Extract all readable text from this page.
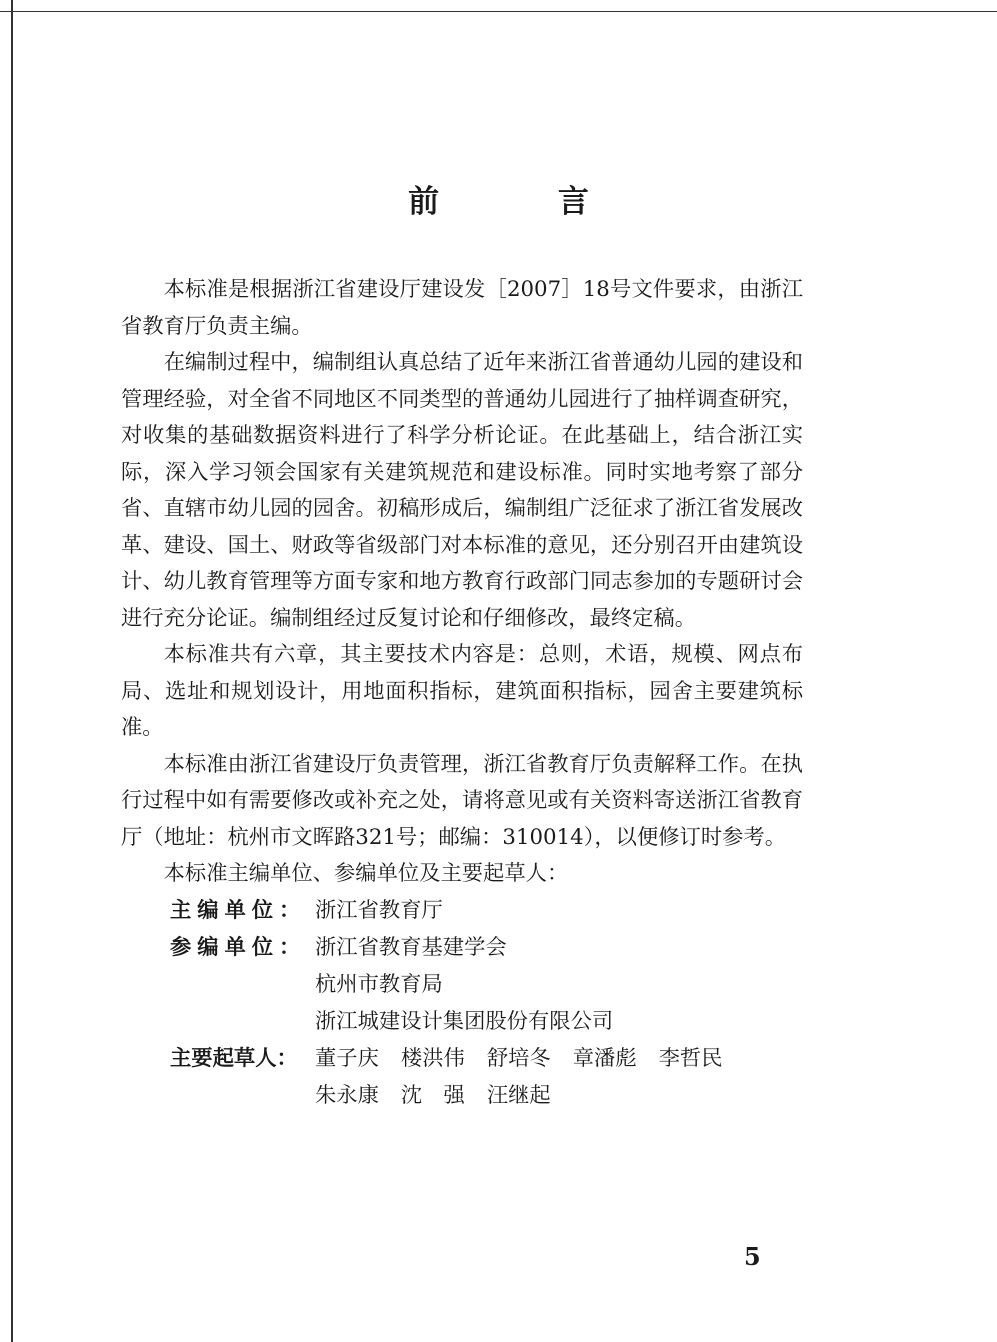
前 言

本标准是根据浙江省建设厅建设发［2007］18号文件要求，由浙江省教育厅负责主编。

在编制过程中，编制组认真总结了近年来浙江省普通幼儿园的建设和管理经验，对全省不同地区不同类型的普通幼儿园进行了抽样调查研究，对收集的基础数据资料进行了科学分析论证。在此基础上，结合浙江实际，深入学习领会国家有关建筑规范和建设标准。同时实地考察了部分省、直辖市幼儿园的园舍。初稿形成后，编制组广泛征求了浙江省发展改革、建设、国土、财政等省级部门对本标准的意见，还分别召开由建筑设计、幼儿教育管理等方面专家和地方教育行政部门同志参加的专题研讨会进行充分论证。编制组经过反复讨论和仔细修改，最终定稿。

本标准共有六章，其主要技术内容是：总则，术语，规模、网点布局、选址和规划设计，用地面积指标，建筑面积指标，园舍主要建筑标准。

本标准由浙江省建设厅负责管理，浙江省教育厅负责解释工作。在执行过程中如有需要修改或补充之处，请将意见或有关资料寄送浙江省教育厅（地址：杭州市文晖路321号；邮编：310014），以便修订时参考。

本标准主编单位、参编单位及主要起草人：

主编单位： 浙江省教育厅
参编单位： 浙江省教育基建学会
杭州市教育局
浙江城建设计集团股份有限公司
主要起草人： 董子庆 楼洪伟 舒培冬 章潘彪 李哲民
朱永康 沈　强 汪继起
5
